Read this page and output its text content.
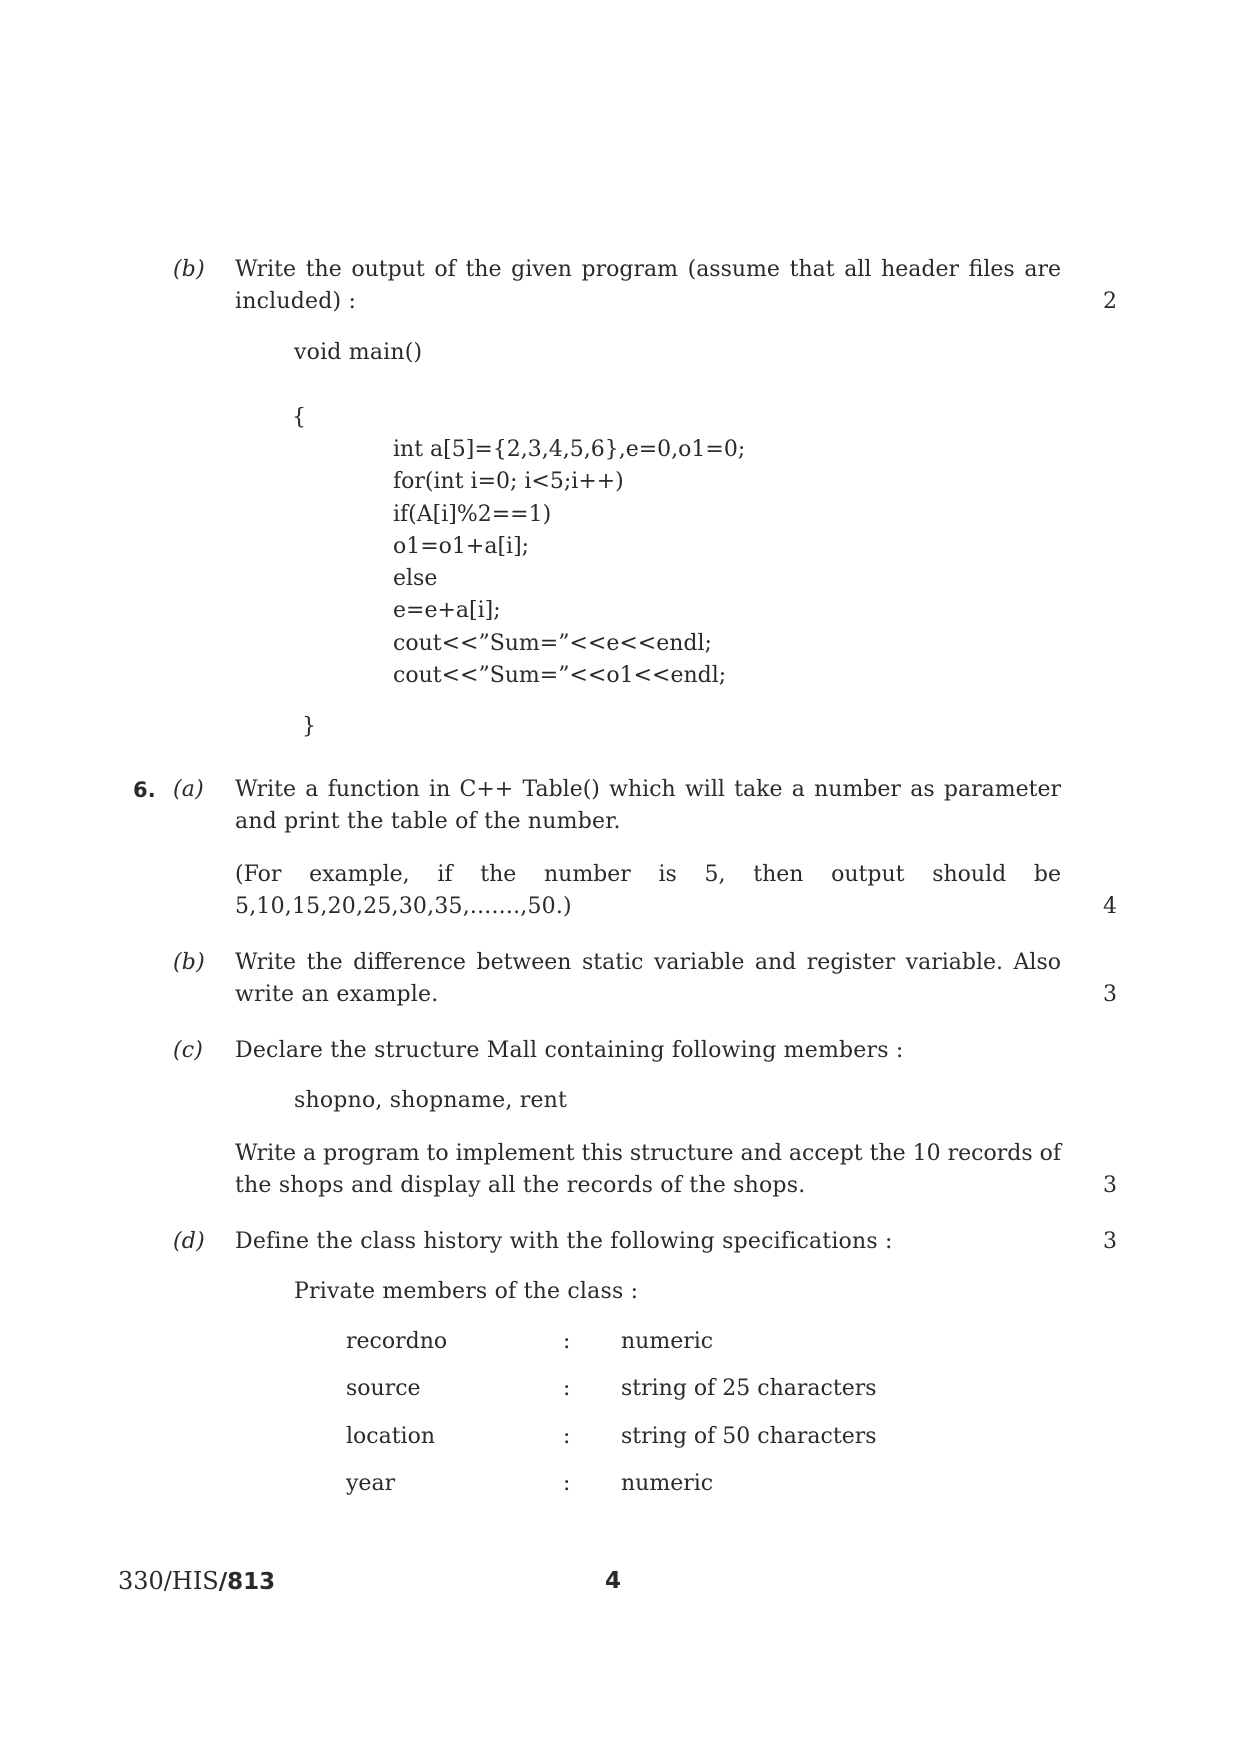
(b) Write the output of the given program (assume that all header files are
included) :	2
void main()
{
int a[5]={2,3,4,5,6},e=0,o1=0;
for(int i=0; i<5;i++)
if(A[i]%2==1)
o1=o1+a[i];
else
e=e+a[i];
cout<<”Sum=”<<e<<endl;
cout<<”Sum=”<<o1<<endl;
}
6. (a) Write a function in C++ Table() which will take a number as parameter
and print the table of the number.
(For example, if the number is 5, then output should be
5,10,15,20,25,30,35,.......,50.)	4
(b) Write the difference between static variable and register variable. Also
write an example.	3
(c) Declare the structure Mall containing following members :
shopno, shopname, rent
Write a program to implement this structure and accept the 10 records of
the shops and display all the records of the shops.	3
(d) Define the class history with the following specifications :	3
Private members of the class :
recordno	: numeric
source	: string of 25 characters
location	: string of 50 characters
year	: numeric
330/HIS/813	4
